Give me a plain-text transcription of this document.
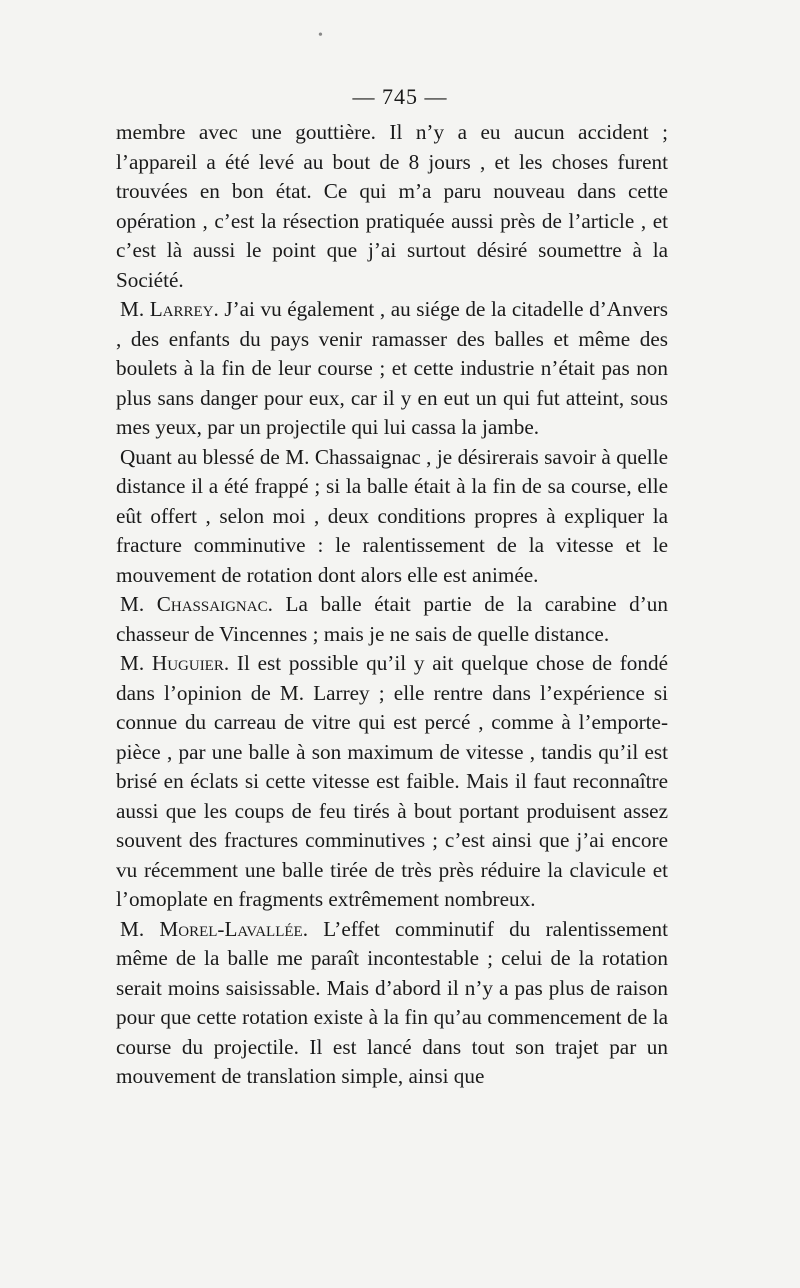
•
— 745 —

membre avec une gouttière. Il n’y a eu aucun accident ; l’appareil a été levé au bout de 8 jours , et les choses furent trouvées en bon état. Ce qui m’a paru nouveau dans cette opération , c’est la résection pratiquée aussi près de l’article , et c’est là aussi le point que j’ai surtout désiré soumettre à la Société.

M. Larrey. J’ai vu également , au siége de la citadelle d’Anvers , des enfants du pays venir ramasser des balles et même des boulets à la fin de leur course ; et cette industrie n’était pas non plus sans danger pour eux, car il y en eut un qui fut atteint, sous mes yeux, par un projectile qui lui cassa la jambe.

Quant au blessé de M. Chassaignac , je désirerais savoir à quelle distance il a été frappé ; si la balle était à la fin de sa course, elle eût offert , selon moi , deux conditions propres à expliquer la fracture comminutive : le ralentissement de la vitesse et le mouvement de rotation dont alors elle est animée.

M. Chassaignac. La balle était partie de la carabine d’un chasseur de Vincennes ; mais je ne sais de quelle distance.

M. Huguier. Il est possible qu’il y ait quelque chose de fondé dans l’opinion de M. Larrey ; elle rentre dans l’expérience si connue du carreau de vitre qui est percé , comme à l’emporte-pièce , par une balle à son maximum de vitesse , tandis qu’il est brisé en éclats si cette vitesse est faible. Mais il faut reconnaître aussi que les coups de feu tirés à bout portant produisent assez souvent des fractures comminutives ; c’est ainsi que j’ai encore vu récemment une balle tirée de très près réduire la clavicule et l’omoplate en fragments extrêmement nombreux.

M. Morel-Lavallée. L’effet comminutif du ralentissement même de la balle me paraît incontestable ; celui de la rotation serait moins saisissable. Mais d’abord il n’y a pas plus de raison pour que cette rotation existe à la fin qu’au commencement de la course du projectile. Il est lancé dans tout son trajet par un mouvement de translation simple, ainsi que
